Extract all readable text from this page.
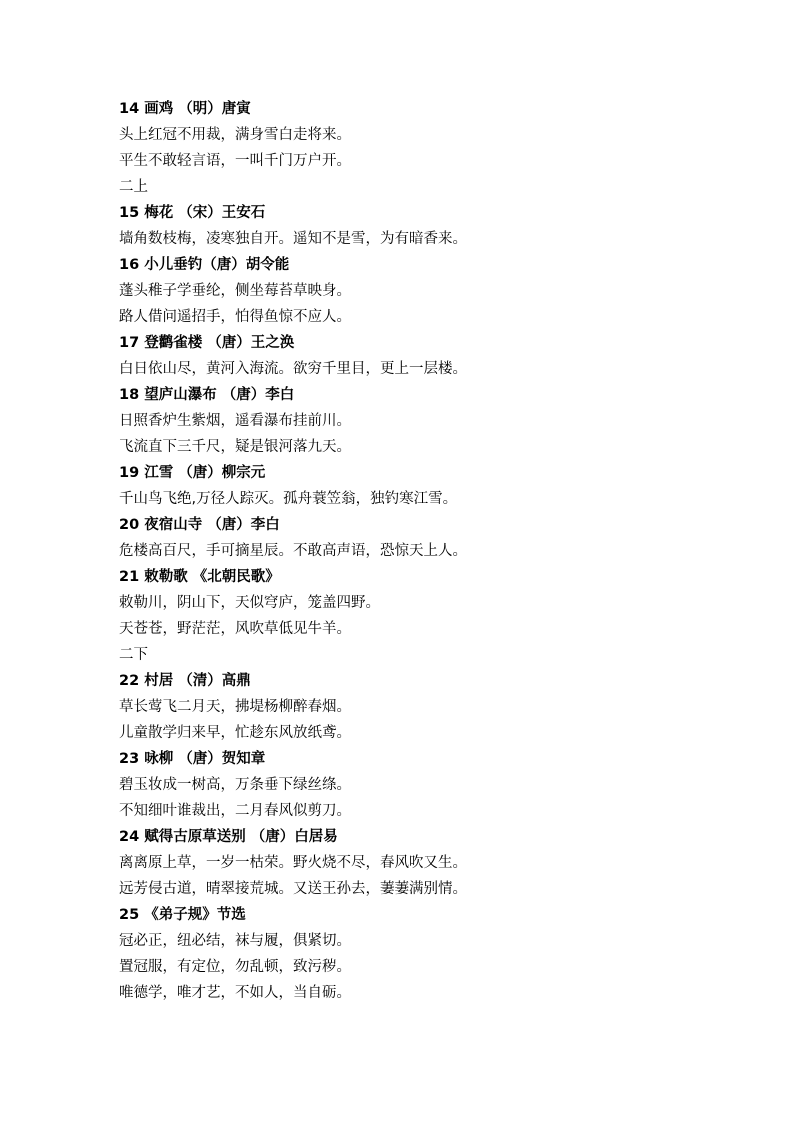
14 画鸡 （明）唐寅
头上红冠不用裁，满身雪白走将来。
平生不敢轻言语，一叫千门万户开。
二上
15 梅花 （宋）王安石
墙角数枝梅，凌寒独自开。遥知不是雪，为有暗香来。
16 小儿垂钓（唐）胡令能
蓬头稚子学垂纶，侧坐莓苔草映身。
路人借问遥招手，怕得鱼惊不应人。
17 登鹳雀楼 （唐）王之涣
白日依山尽，黄河入海流。欲穷千里目，更上一层楼。
18 望庐山瀑布 （唐）李白
日照香炉生紫烟，遥看瀑布挂前川。
飞流直下三千尺，疑是银河落九天。
19 江雪 （唐）柳宗元
千山鸟飞绝,万径人踪灭。孤舟蓑笠翁，独钓寒江雪。
20 夜宿山寺 （唐）李白
危楼高百尺，手可摘星辰。不敢高声语，恐惊天上人。
21 敕勒歌 《北朝民歌》
敕勒川，阴山下，天似穹庐，笼盖四野。
天苍苍，野茫茫，风吹草低见牛羊。
二下
22 村居 （清）高鼎
草长莺飞二月天，拂堤杨柳醉春烟。
儿童散学归来早，忙趁东风放纸鸢。
23 咏柳 （唐）贺知章
碧玉妆成一树高，万条垂下绿丝绦。
不知细叶谁裁出，二月春风似剪刀。
24 赋得古原草送别 （唐）白居易
离离原上草，一岁一枯荣。野火烧不尽，春风吹又生。
远芳侵古道，晴翠接荒城。又送王孙去，萋萋满别情。
25 《弟子规》节选
冠必正，纽必结，袜与履，俱紧切。
置冠服，有定位，勿乱顿，致污秽。
唯德学，唯才艺，不如人，当自砺。
